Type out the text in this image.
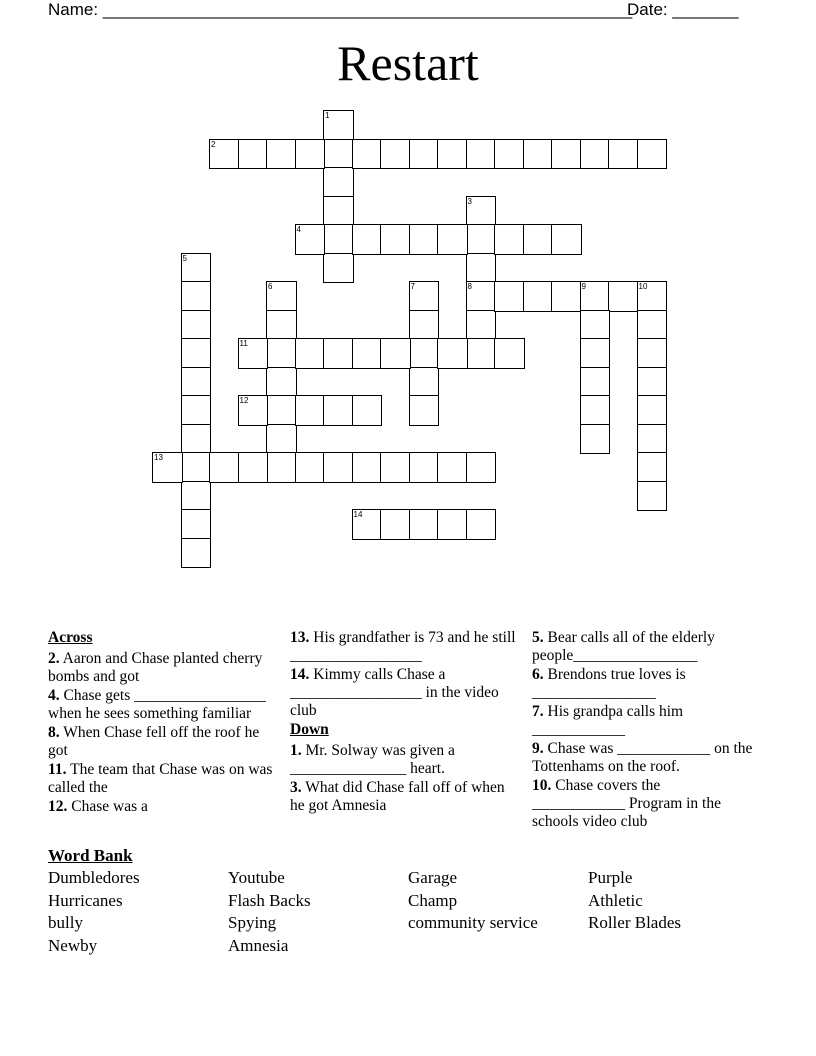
Name: ________________________________________________________
Date: _______
Restart
1
2
3
8
4
5
6	7	9	10
11
12
13
14
Across

2. Aaron and Chase planted cherry bombs and got

4. Chase gets _________________ when he sees something familiar

8. When Chase fell off the roof he got

11. The team that Chase was on was called the

12. Chase was a

13. His grandfather is 73 and he still _________________

14. Kimmy calls Chase a _________________ in the video club

Down

1. Mr. Solway was given a _______________ heart.

3. What did Chase fall off of when he got Amnesia

5. Bear calls all of the elderly people________________

6. Brendons true loves is ________________

7. His grandpa calls him ____________

9. Chase was ____________ on the Tottenhams on the roof.

10. Chase covers the ____________ Program in the schools video club

Word Bank
Dumbledores
Hurricanes
bully
Newby
Youtube
Flash Backs
Spying
Amnesia
Garage
Champ
community service
Purple
Athletic
Roller Blades
